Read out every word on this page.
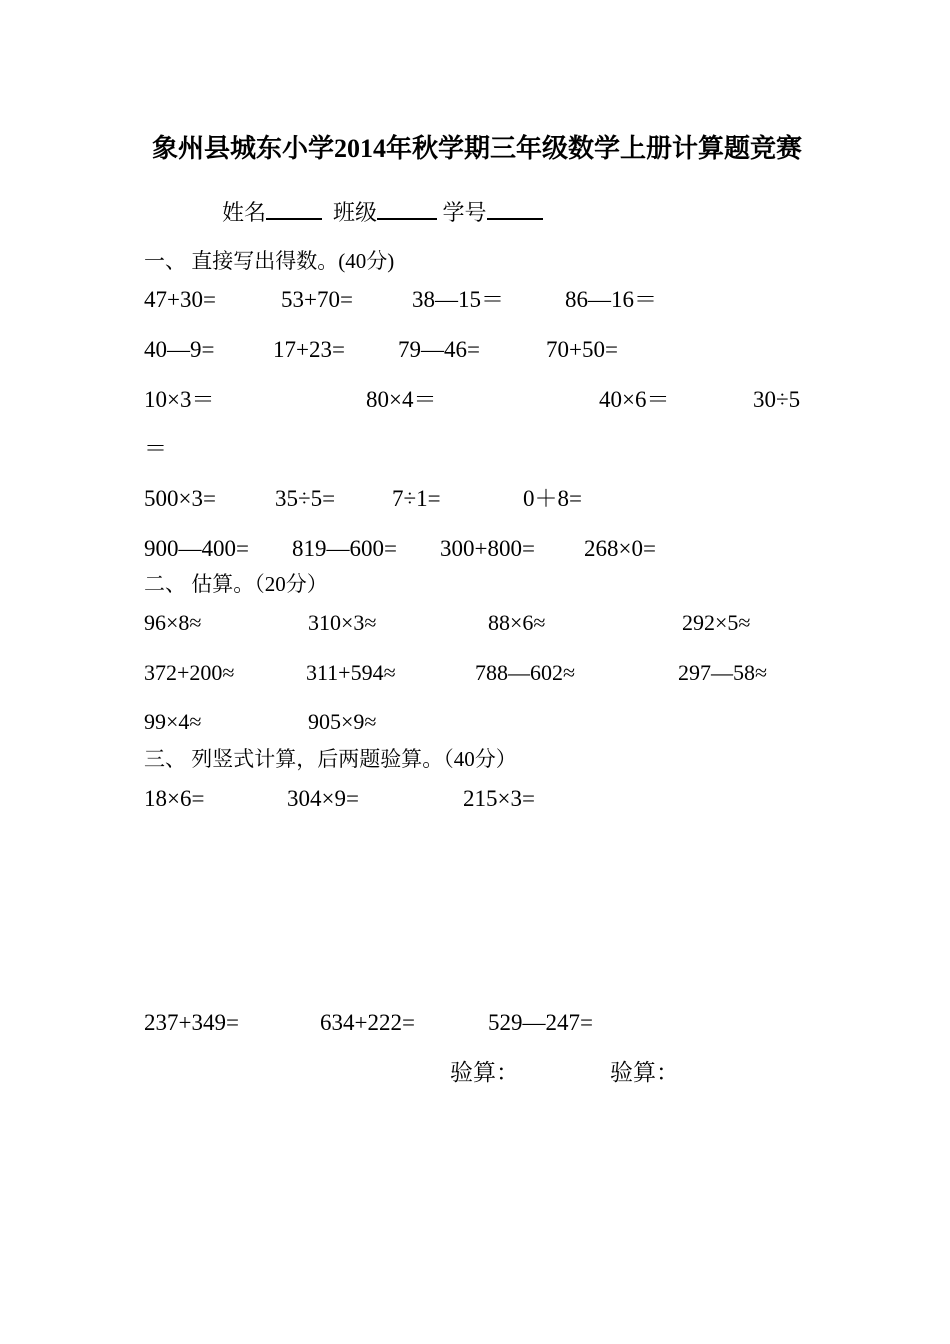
象州县城东小学2014年秋学期三年级数学上册计算题竞赛
姓名	班级	学号
一、 直接写出得数。(40分)
47+30=	53+70=	38—15＝	86—16＝
40—9=	17+23= 79—46=	70+50=
10×3＝	80×4＝	40×6＝	30÷5
＝
500×3=	35÷5= 7÷1=	0＋8=
900—400= 819—600= 300+800= 268×0=
二、 估算。（20分）
96×8≈	310×3≈	88×6≈	292×5≈
372+200≈	311+594≈	788—602≈	297—58≈
99×4≈	905×9≈
三、 列竖式计算，后两题验算。（40分）
18×6=	304×9=	215×3=
237+349=	634+222=	529—247=
验算：	验算：
